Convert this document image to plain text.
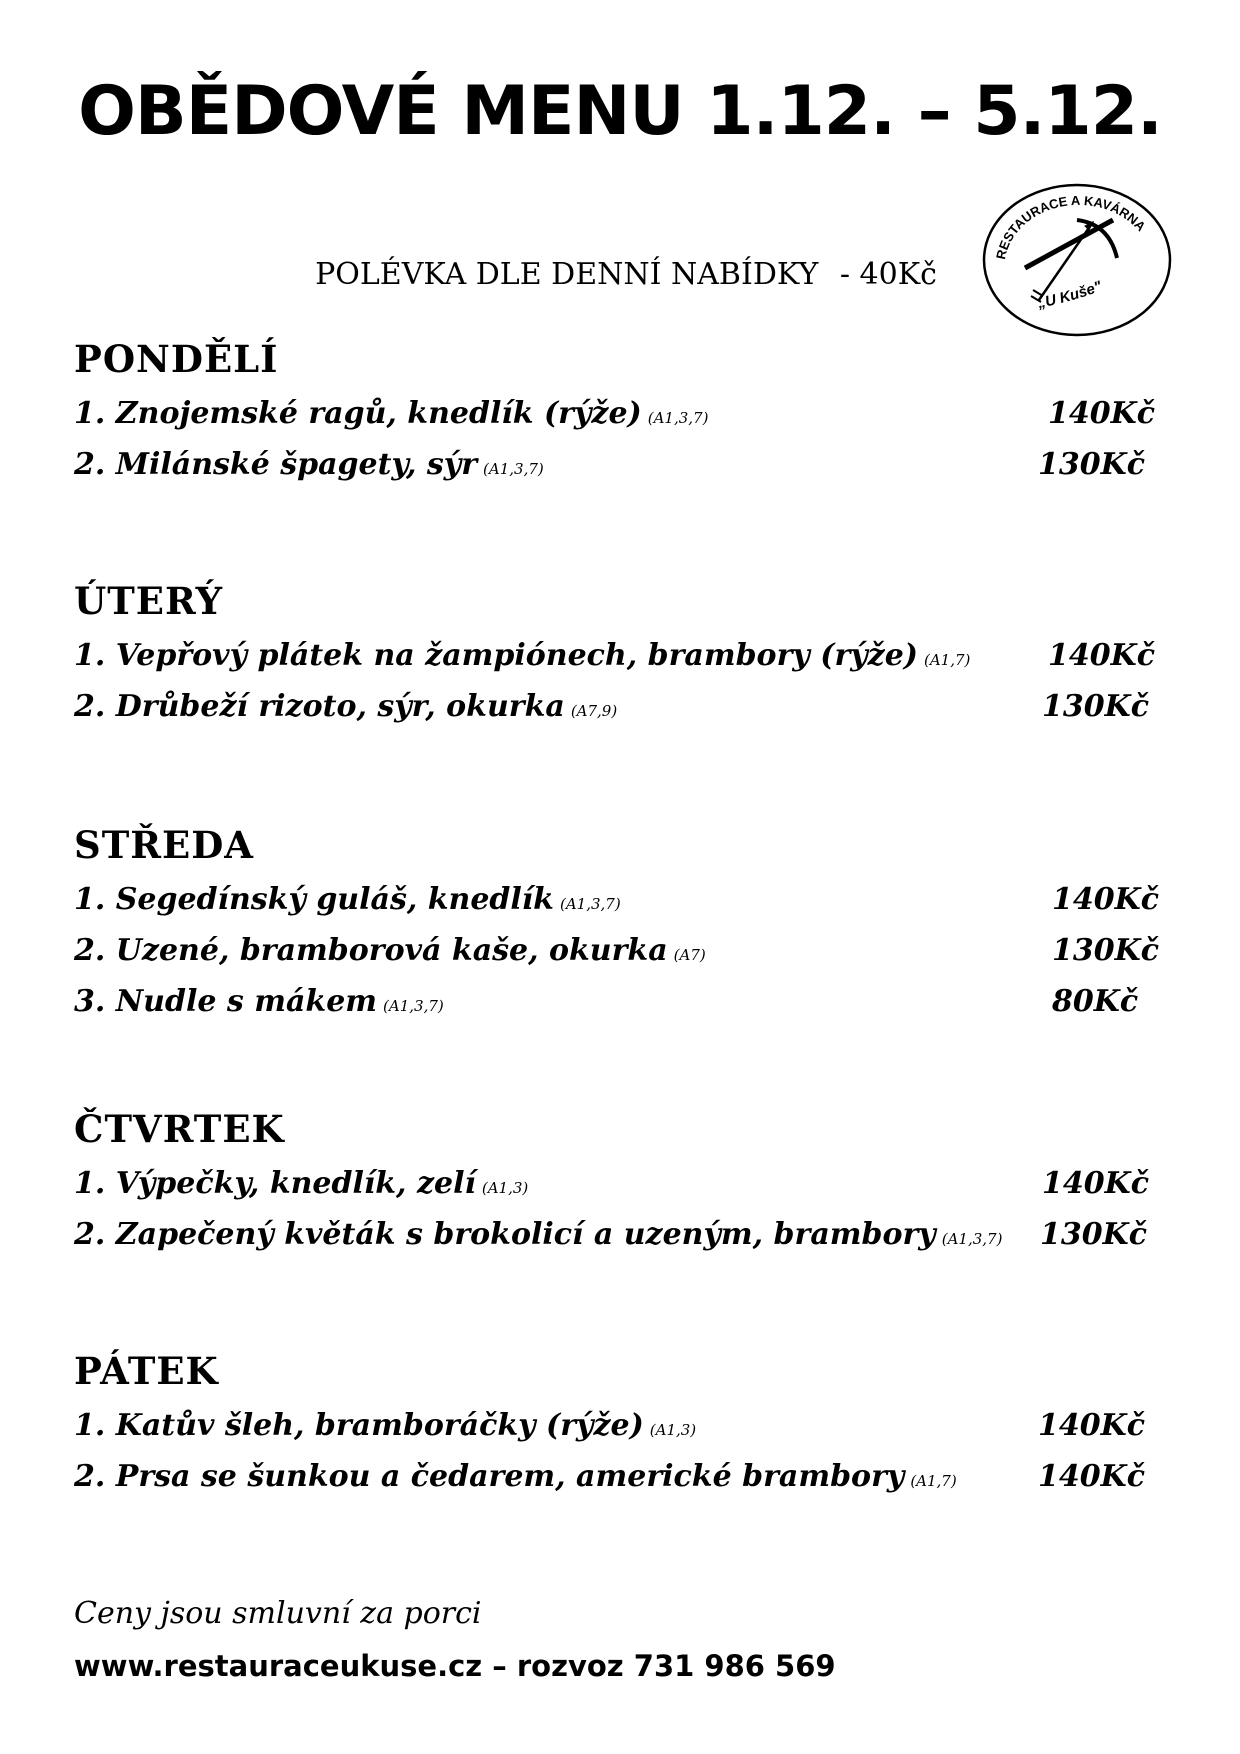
OBĚDOVÉ MENU 1.12. – 5.12.
RESTAURACE A KAVÁRNA
„U Kuše"
POLÉVKA DLE DENNÍ NABÍDKY - 40Kč
PONDĚLÍ
1. Znojemské ragů, knedlík (rýže) (A1,3,7)	140Kč
2. Milánské špagety, sýr (A1,3,7)	130Kč
ÚTERÝ
1. Vepřový plátek na žampiónech, brambory (rýže) (A1,7)	140Kč
2. Drůbeží rizoto, sýr, okurka (A7,9)	130Kč
STŘEDA
1. Segedínský guláš, knedlík (A1,3,7)	140Kč
2. Uzené, bramborová kaše, okurka (A7)	130Kč
3. Nudle s mákem (A1,3,7)	80Kč
ČTVRTEK
1. Výpečky, knedlík, zelí (A1,3)	140Kč
2. Zapečený květák s brokolicí a uzeným, brambory (A1,3,7) 130Kč
PÁTEK
1. Katův šleh, bramboráčky (rýže) (A1,3)	140Kč
2. Prsa se šunkou a čedarem, americké brambory (A1,7)	140Kč
Ceny jsou smluvní za porci
www.restauraceukuse.cz – rozvoz 731 986 569
